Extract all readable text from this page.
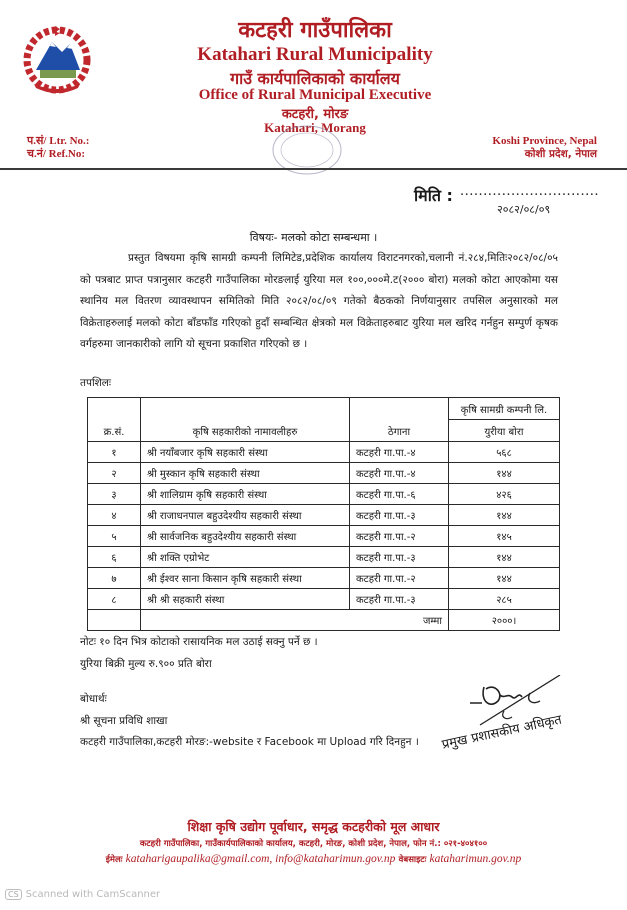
कटहरी गाउँपालिका
Katahari Rural Municipality
गाउँ कार्यपालिकाको कार्यालय
Office of Rural Municipal Executive
कटहरी, मोरङ
Katahari, Morang
प.सं/ Ltr. No.:
च.नं/ Ref.No:
Koshi Province, Nepal
कोशी प्रदेश, नेपाल
मिति : ..............................
२०८२/०८/०९
विषयः- मलको कोटा सम्बन्धमा ।
प्रस्तुत विषयमा कृषि सामग्री कम्पनी लिमिटेड,प्रदेशिक कार्यालय विराटनगरको,चलानी नं.२८४,मितिः२०८२/०८/०५ को पत्रबाट प्राप्त पत्रानुसार कटहरी गाउँपालिका मोरङलाई युरिया मल १००,०००मे.ट(२००० बोरा) मलको कोटा आएकोमा यस स्थानिय मल वितरण व्यावस्थापन समितिको मिति २०८२/०८/०९ गतेको बैठकको निर्णयानुसार तपसिल अनुसारको मल विक्रेताहरुलाई मलको कोटा बाँडफाँड गरिएको हुदाँ सम्बन्धित क्षेत्रको मल विक्रेताहरुबाट युरिया मल खरिद गर्नहुन सम्पुर्ण कृषक वर्गहरुमा जानकारीको लागि यो सूचना प्रकाशित गरिएको छ ।
तपशिलः
क्र.सं.	कृषि सहकारीको नामावलीहरु	ठेगाना	कृषि सामग्री कम्पनी लि.
			युरीया बोरा
१	श्री नयाँबजार कृषि सहकारी संस्था	कटहरी गा.पा.-४	५६८
२	श्री मुस्कान कृषि सहकारी संस्था	कटहरी गा.पा.-४	१४४
३	श्री शालिग्राम कृषि सहकारी संस्था	कटहरी गा.पा.-६	४२६
४	श्री राजाधनपाल बहुउदेश्यीय सहकारी संस्था	कटहरी गा.पा.-३	१४४
५	श्री सार्वजनिक बहुउदेश्यीय सहकारी संस्था	कटहरी गा.पा.-२	१४५
६	श्री शक्ति एग्रोभेट	कटहरी गा.पा.-३	१४४
७	श्री ईश्वर साना किसान कृषि सहकारी संस्था	कटहरी गा.पा.-२	१४४
८	श्री श्री सहकारी संस्था	कटहरी गा.पा.-३	२८५
	जम्मा		२०००।
नोटः १० दिन भित्र कोटाको रासायनिक मल उठाई सक्नु पर्ने छ ।
युरिया बिक्री मुल्य रु.९०० प्रति बोरा
बोधार्थः
श्री सूचना प्रविधि शाखा
कटहरी गाउँपालिका,कटहरी मोरङ:-website र Facebook मा Upload गरि दिनहुन । प्रमुख प्रशासकीय अधिकृत
शिक्षा कृषि उद्योग पूर्वाधार, समृद्ध कटहरीको मूल आधार
कटहरी गाउँपालिका, गाउँकार्यपालिकाको कार्यालय, कटहरी, मोरङ, कोशी प्रदेश, नेपाल, फोन नं.: ०२१-४०४१००
ईमेलः kataharigaupalika@gmail.com, info@kataharimun.gov.np वेबसाइटः kataharimun.gov.np
CS Scanned with CamScanner
